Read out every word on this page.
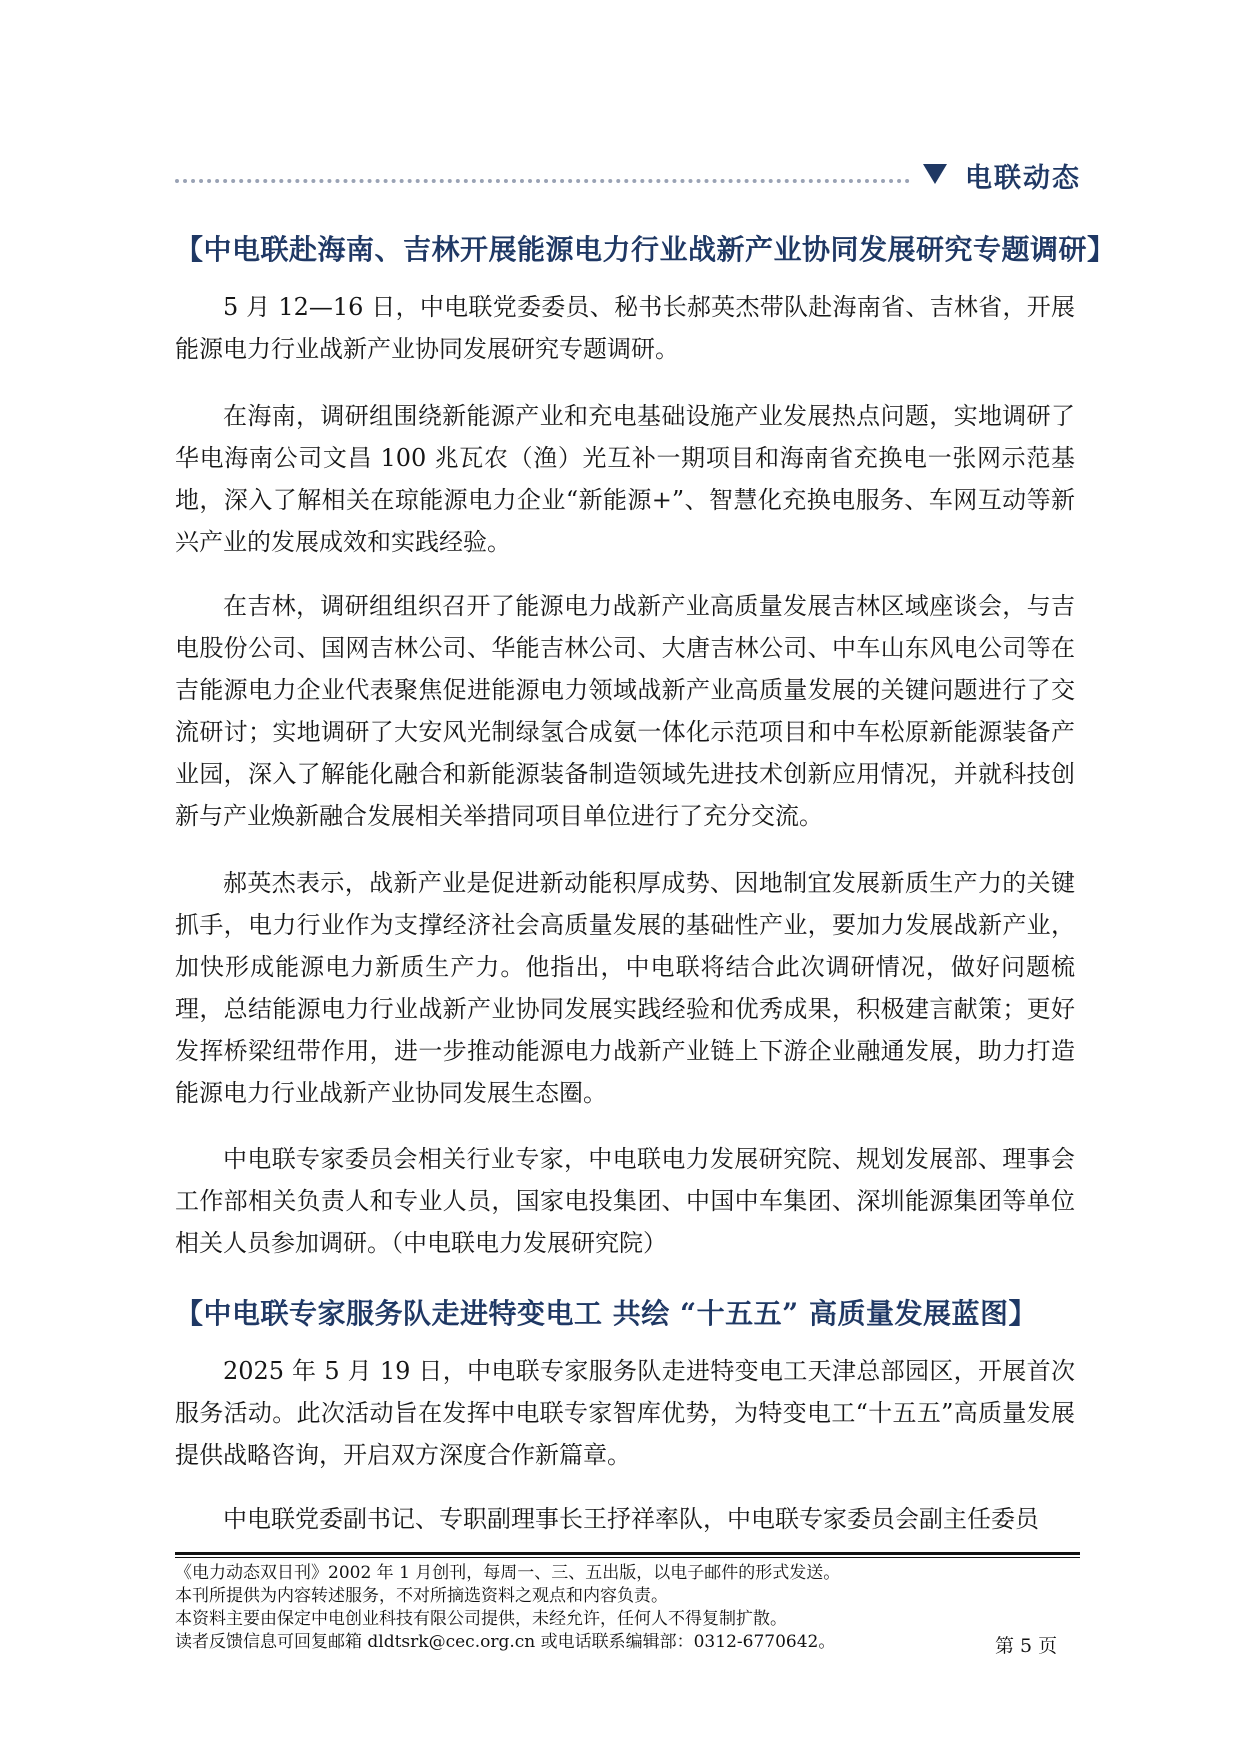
电联动态
【中电联赴海南、吉林开展能源电力行业战新产业协同发展研究专题调研】

5 月 12—16 日，中电联党委委员、秘书长郝英杰带队赴海南省、吉林省，开展能源电力行业战新产业协同发展研究专题调研。

在海南，调研组围绕新能源产业和充电基础设施产业发展热点问题，实地调研了华电海南公司文昌 100 兆瓦农（渔）光互补一期项目和海南省充换电一张网示范基地，深入了解相关在琼能源电力企业“新能源+”、智慧化充换电服务、车网互动等新兴产业的发展成效和实践经验。

在吉林，调研组组织召开了能源电力战新产业高质量发展吉林区域座谈会，与吉电股份公司、国网吉林公司、华能吉林公司、大唐吉林公司、中车山东风电公司等在吉能源电力企业代表聚焦促进能源电力领域战新产业高质量发展的关键问题进行了交流研讨；实地调研了大安风光制绿氢合成氨一体化示范项目和中车松原新能源装备产业园，深入了解能化融合和新能源装备制造领域先进技术创新应用情况，并就科技创新与产业焕新融合发展相关举措同项目单位进行了充分交流。

郝英杰表示，战新产业是促进新动能积厚成势、因地制宜发展新质生产力的关键抓手，电力行业作为支撑经济社会高质量发展的基础性产业，要加力发展战新产业，加快形成能源电力新质生产力。他指出，中电联将结合此次调研情况，做好问题梳理，总结能源电力行业战新产业协同发展实践经验和优秀成果，积极建言献策；更好发挥桥梁纽带作用，进一步推动能源电力战新产业链上下游企业融通发展，助力打造能源电力行业战新产业协同发展生态圈。

中电联专家委员会相关行业专家，中电联电力发展研究院、规划发展部、理事会工作部相关负责人和专业人员，国家电投集团、中国中车集团、深圳能源集团等单位相关人员参加调研。（中电联电力发展研究院）

【中电联专家服务队走进特变电工 共绘 “十五五” 高质量发展蓝图】

2025 年 5 月 19 日，中电联专家服务队走进特变电工天津总部园区，开展首次服务活动。此次活动旨在发挥中电联专家智库优势，为特变电工“十五五”高质量发展提供战略咨询，开启双方深度合作新篇章。

中电联党委副书记、专职副理事长王抒祥率队，中电联专家委员会副主任委员

《电力动态双日刊》2002 年 1 月创刊，每周一、三、五出版，以电子邮件的形式发送。
本刊所提供为内容转述服务，不对所摘选资料之观点和内容负责。
本资料主要由保定中电创业科技有限公司提供，未经允许，任何人不得复制扩散。
读者反馈信息可回复邮箱 dldtsrk@cec.org.cn 或电话联系编辑部：0312-6770642。	第 5 页
